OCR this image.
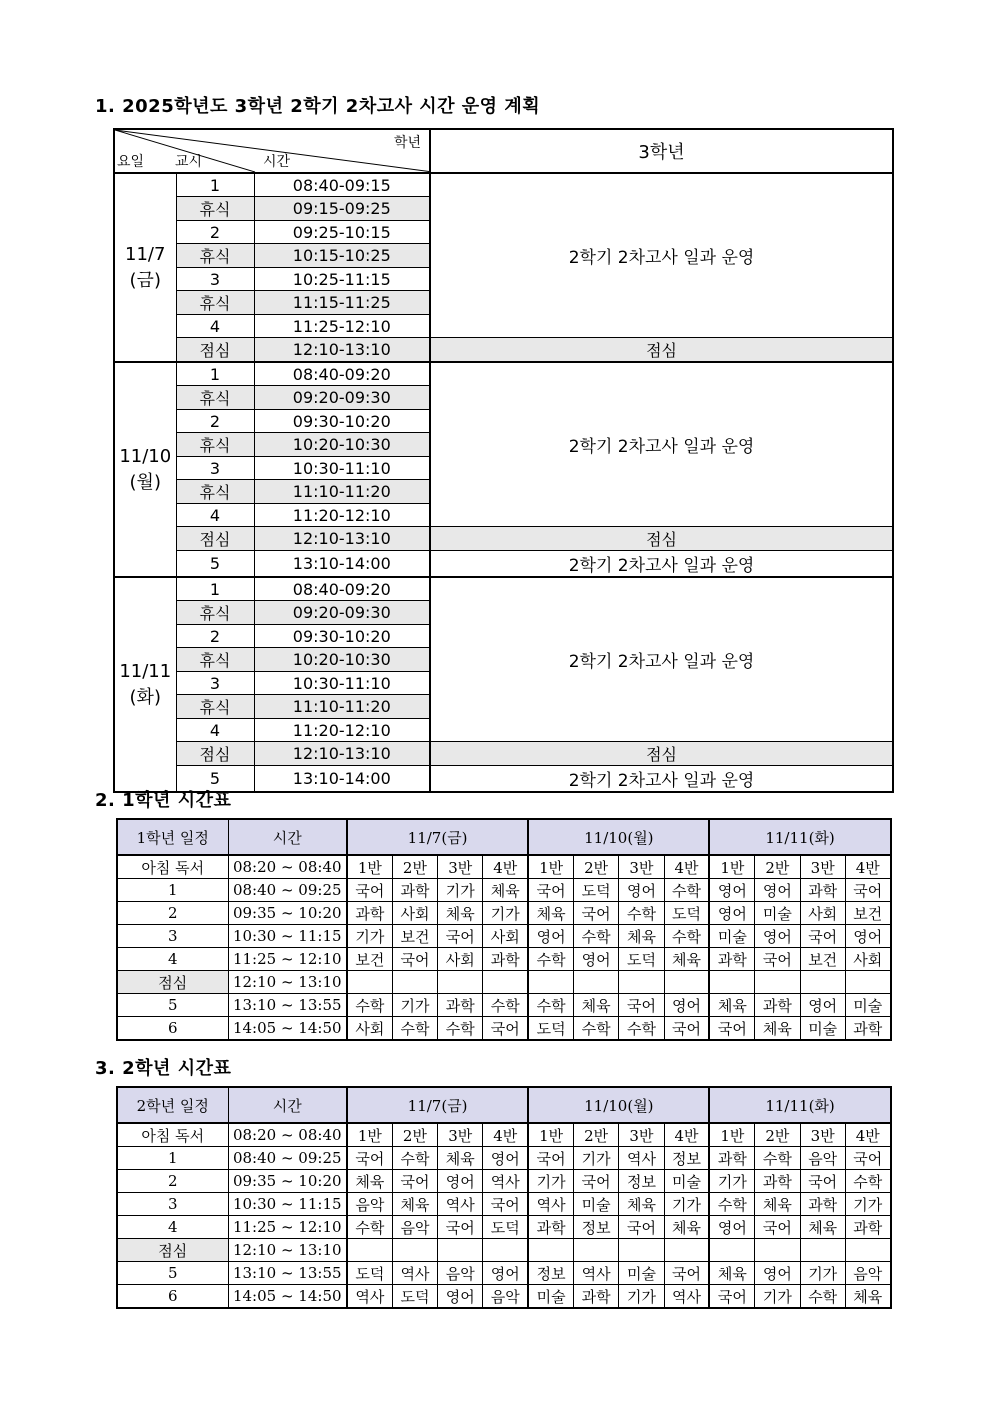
1. 2025학년도 3학년 2학기 2차고사 시간 운영 계획
학년
요일 교시 시간			3학년

11/7
(금)	1	08:40-09:15	2학기 2차고사 일과 운영
	휴식	09:15-09:25	
	2	09:25-10:15	
	휴식	10:15-10:25	
	3	10:25-11:15	
	휴식	11:15-11:25	
	4	11:25-12:10	
	점심	12:10-13:10	점심

11/10
(월)	1	08:40-09:20	2학기 2차고사 일과 운영
	휴식	09:20-09:30	
	2	09:30-10:20	
	휴식	10:20-10:30	
	3	10:30-11:10	
	휴식	11:10-11:20	
	4	11:20-12:10	
	점심	12:10-13:10	점심
	5	13:10-14:00	2학기 2차고사 일과 운영

11/11
(화)	1	08:40-09:20	2학기 2차고사 일과 운영
	휴식	09:20-09:30	
	2	09:30-10:20	
	휴식	10:20-10:30	
	3	10:30-11:10	
	휴식	11:10-11:20	
	4	11:20-12:10	
	점심	12:10-13:10	점심
	5	13:10-14:00	2학기 2차고사 일과 운영
2. 1학년 시간표
1학년 일정	시간	11/7(금)				11/10(월)				11/11(화)			
아침 독서	08:20 ~ 08:40	1반	2반	3반	4반	1반	2반	3반	4반	1반	2반	3반	4반
1	08:40 ~ 09:25	국어	과학	기가	체육	국어	도덕	영어	수학	영어	영어	과학	국어
2	09:35 ~ 10:20	과학	사회	체육	기가	체육	국어	수학	도덕	영어	미술	사회	보건
3	10:30 ~ 11:15	기가	보건	국어	사회	영어	수학	체육	수학	미술	영어	국어	영어
4	11:25 ~ 12:10	보건	국어	사회	과학	수학	영어	도덕	체육	과학	국어	보건	사회
점심	12:10 ~ 13:10												
5	13:10 ~ 13:55	수학	기가	과학	수학	수학	체육	국어	영어	체육	과학	영어	미술
6	14:05 ~ 14:50	사회	수학	수학	국어	도덕	수학	수학	국어	국어	체육	미술	과학
3. 2학년 시간표
2학년 일정	시간	11/7(금)				11/10(월)				11/11(화)			
아침 독서	08:20 ~ 08:40	1반	2반	3반	4반	1반	2반	3반	4반	1반	2반	3반	4반
1	08:40 ~ 09:25	국어	수학	체육	영어	국어	기가	역사	정보	과학	수학	음악	국어
2	09:35 ~ 10:20	체육	국어	영어	역사	기가	국어	정보	미술	기가	과학	국어	수학
3	10:30 ~ 11:15	음악	체육	역사	국어	역사	미술	체육	기가	수학	체육	과학	기가
4	11:25 ~ 12:10	수학	음악	국어	도덕	과학	정보	국어	체육	영어	국어	체육	과학
점심	12:10 ~ 13:10												
5	13:10 ~ 13:55	도덕	역사	음악	영어	정보	역사	미술	국어	체육	영어	기가	음악
6	14:05 ~ 14:50	역사	도덕	영어	음악	미술	과학	기가	역사	국어	기가	수학	체육
